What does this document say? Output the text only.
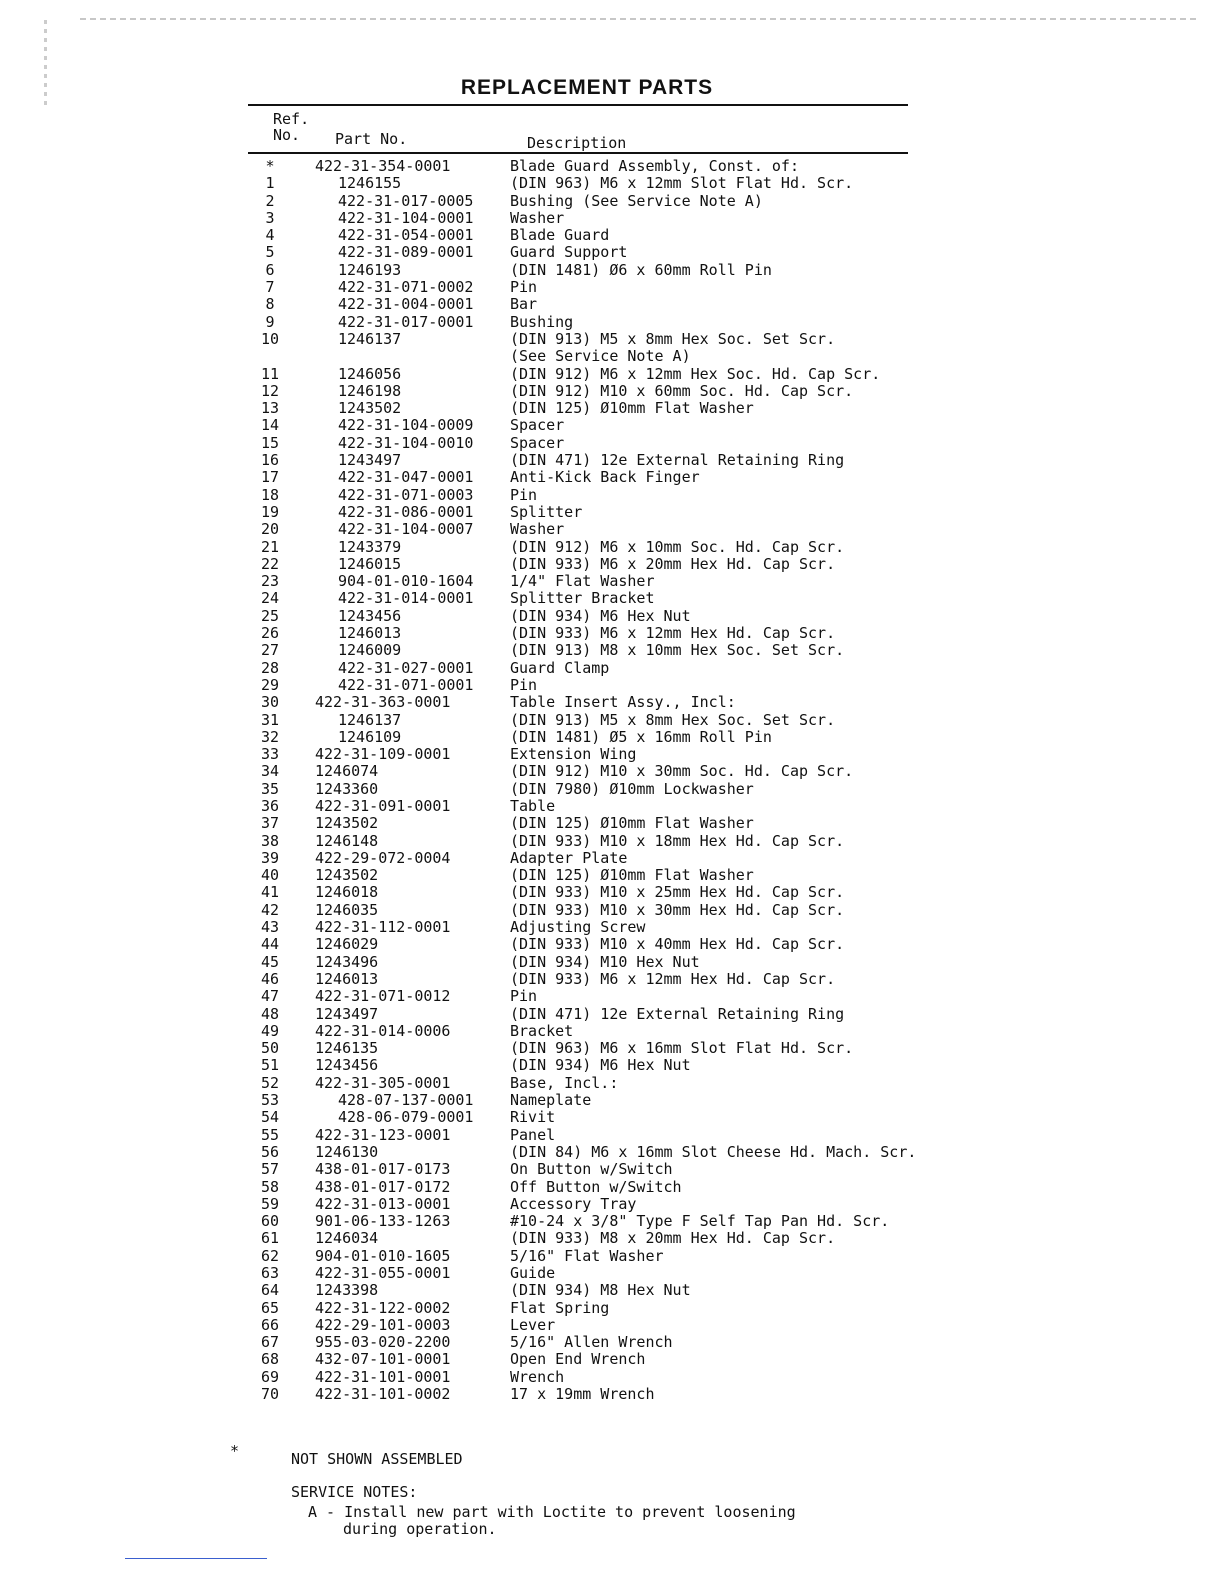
REPLACEMENT PARTS
Ref.
No. Part No.	Description
*	422-31-354-0001	Blade Guard Assembly, Const. of:
1	1246155	(DIN 963) M6 x 12mm Slot Flat Hd. Scr.
2	422-31-017-0005 Bushing (See Service Note A)
3	422-31-104-0001 Washer
4	422-31-054-0001 Blade Guard
5	422-31-089-0001 Guard Support
6	1246193	(DIN 1481) Ø6 x 60mm Roll Pin
7	422-31-071-0002 Pin
8	422-31-004-0001 Bar
9	422-31-017-0001 Bushing
10	1246137	(DIN 913) M5 x 8mm Hex Soc. Set Scr.
(See Service Note A)
11	1246056	(DIN 912) M6 x 12mm Hex Soc. Hd. Cap Scr.
12	1246198	(DIN 912) M10 x 60mm Soc. Hd. Cap Scr.
13	1243502	(DIN 125) Ø10mm Flat Washer
14	422-31-104-0009 Spacer
15	422-31-104-0010 Spacer
16	1243497	(DIN 471) 12e External Retaining Ring
17	422-31-047-0001 Anti-Kick Back Finger
18	422-31-071-0003 Pin
19	422-31-086-0001 Splitter
20	422-31-104-0007 Washer
21	1243379	(DIN 912) M6 x 10mm Soc. Hd. Cap Scr.
22	1246015	(DIN 933) M6 x 20mm Hex Hd. Cap Scr.
23	904-01-010-1604 1/4" Flat Washer
24	422-31-014-0001 Splitter Bracket
25	1243456	(DIN 934) M6 Hex Nut
26	1246013	(DIN 933) M6 x 12mm Hex Hd. Cap Scr.
27	1246009	(DIN 913) M8 x 10mm Hex Soc. Set Scr.
28	422-31-027-0001 Guard Clamp
29	422-31-071-0001 Pin
30	422-31-363-0001	Table Insert Assy., Incl:
31	1246137	(DIN 913) M5 x 8mm Hex Soc. Set Scr.
32	1246109	(DIN 1481) Ø5 x 16mm Roll Pin
33	422-31-109-0001	Extension Wing
34	1246074	(DIN 912) M10 x 30mm Soc. Hd. Cap Scr.
35	1243360	(DIN 7980) Ø10mm Lockwasher
36	422-31-091-0001	Table
37	1243502	(DIN 125) Ø10mm Flat Washer
38	1246148	(DIN 933) M10 x 18mm Hex Hd. Cap Scr.
39	422-29-072-0004	Adapter Plate
40	1243502	(DIN 125) Ø10mm Flat Washer
41	1246018	(DIN 933) M10 x 25mm Hex Hd. Cap Scr.
42	1246035	(DIN 933) M10 x 30mm Hex Hd. Cap Scr.
43	422-31-112-0001	Adjusting Screw
44	1246029	(DIN 933) M10 x 40mm Hex Hd. Cap Scr.
45	1243496	(DIN 934) M10 Hex Nut
46	1246013	(DIN 933) M6 x 12mm Hex Hd. Cap Scr.
47	422-31-071-0012	Pin
48	1243497	(DIN 471) 12e External Retaining Ring
49	422-31-014-0006	Bracket
50	1246135	(DIN 963) M6 x 16mm Slot Flat Hd. Scr.
51	1243456	(DIN 934) M6 Hex Nut
52	422-31-305-0001	Base, Incl.:
53	428-07-137-0001 Nameplate
54	428-06-079-0001 Rivit
55	422-31-123-0001	Panel
56	1246130	(DIN 84) M6 x 16mm Slot Cheese Hd. Mach. Scr.
57	438-01-017-0173	On Button w/Switch
58	438-01-017-0172	Off Button w/Switch
59	422-31-013-0001	Accessory Tray
60	901-06-133-1263	#10-24 x 3/8" Type F Self Tap Pan Hd. Scr.
61	1246034	(DIN 933) M8 x 20mm Hex Hd. Cap Scr.
62	904-01-010-1605	5/16" Flat Washer
63	422-31-055-0001	Guide
64	1243398	(DIN 934) M8 Hex Nut
65	422-31-122-0002	Flat Spring
66	422-29-101-0003	Lever
67	955-03-020-2200	5/16" Allen Wrench
68	432-07-101-0001	Open End Wrench
69	422-31-101-0001	Wrench
70	422-31-101-0002	17 x 19mm Wrench
*	NOT SHOWN ASSEMBLED
SERVICE NOTES:
A - Install new part with Loctite to prevent loosening
during operation.
